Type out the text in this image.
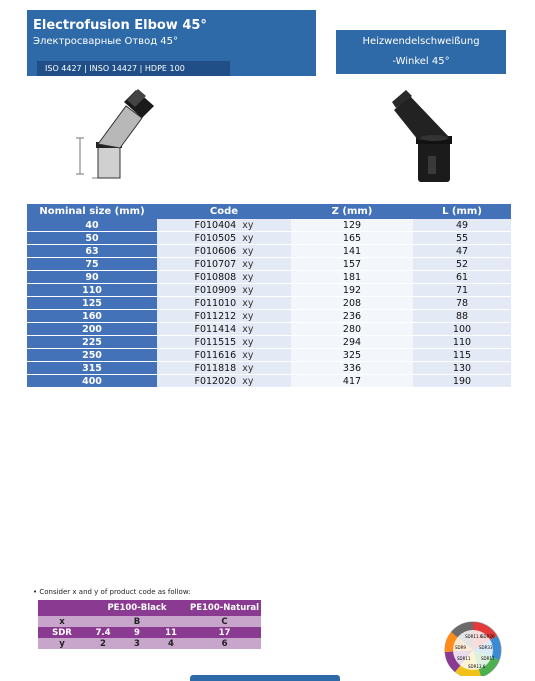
Electrofusion Elbow 45°
Электросварные Отвод 45°
ISO 4427 | INSO 14427 | HDPE 100
Heizwendelschweißung
-Winkel 45°
Nominal size (mm)	Code	Z (mm)	L (mm)
40	F010404 xy	129	49
50	F010505 xy	165	55
63	F010606 xy	141	47
75	F010707 xy	157	52
90	F010808 xy	181	61
110	F010909 xy	192	71
125	F011010 xy	208	78
160	F011212 xy	236	88
200	F011414 xy	280	100
225	F011515 xy	294	110
250	F011616 xy	325	115
315	F011818 xy	336	130
400	F012020 xy	417	190
• Consider x and y of product code as follow:
	PE100-Black			PE100-Natural
x	B			C
SDR	7.4	9	11	17
y	2	3	4	6
SDR11.6
SDR26
SDR9	SDR33
SDR11	SDR17
SDR13.6
